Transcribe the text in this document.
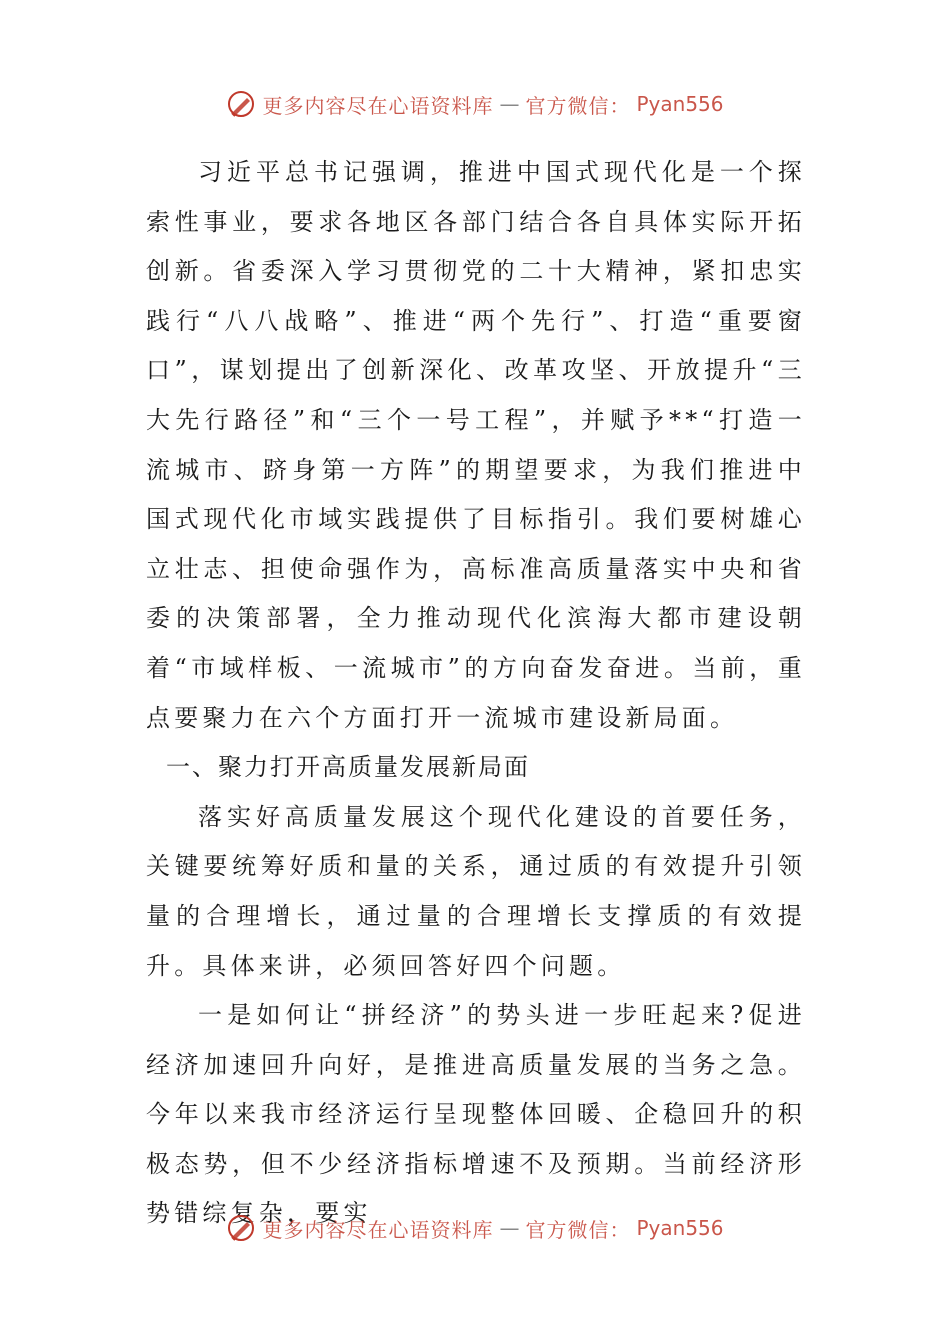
更多内容尽在心语资料库 — 官方微信： Pyan556

习近平总书记强调，推进中国式现代化是一个探索性事业，要求各地区各部门结合各自具体实际开拓创新。省委深入学习贯彻党的二十大精神，紧扣忠实践行“八八战略”、推进“两个先行”、打造“重要窗口”，谋划提出了创新深化、改革攻坚、开放提升“三大先行路径”和“三个一号工程”，并赋予**“打造一流城市、跻身第一方阵”的期望要求，为我们推进中国式现代化市域实践提供了目标指引。我们要树雄心立壮志、担使命强作为，高标准高质量落实中央和省委的决策部署，全力推动现代化滨海大都市建设朝着“市域样板、一流城市”的方向奋发奋进。当前，重点要聚力在六个方面打开一流城市建设新局面。

一、聚力打开高质量发展新局面

落实好高质量发展这个现代化建设的首要任务，关键要统筹好质和量的关系，通过质的有效提升引领量的合理增长，通过量的合理增长支撑质的有效提升。具体来讲，必须回答好四个问题。

一是如何让“拼经济”的势头进一步旺起来?促进经济加速回升向好，是推进高质量发展的当务之急。今年以来我市经济运行呈现整体回暖、企稳回升的积极态势，但不少经济指标增速不及预期。当前经济形势错综复杂，要实

更多内容尽在心语资料库 — 官方微信： Pyan556
